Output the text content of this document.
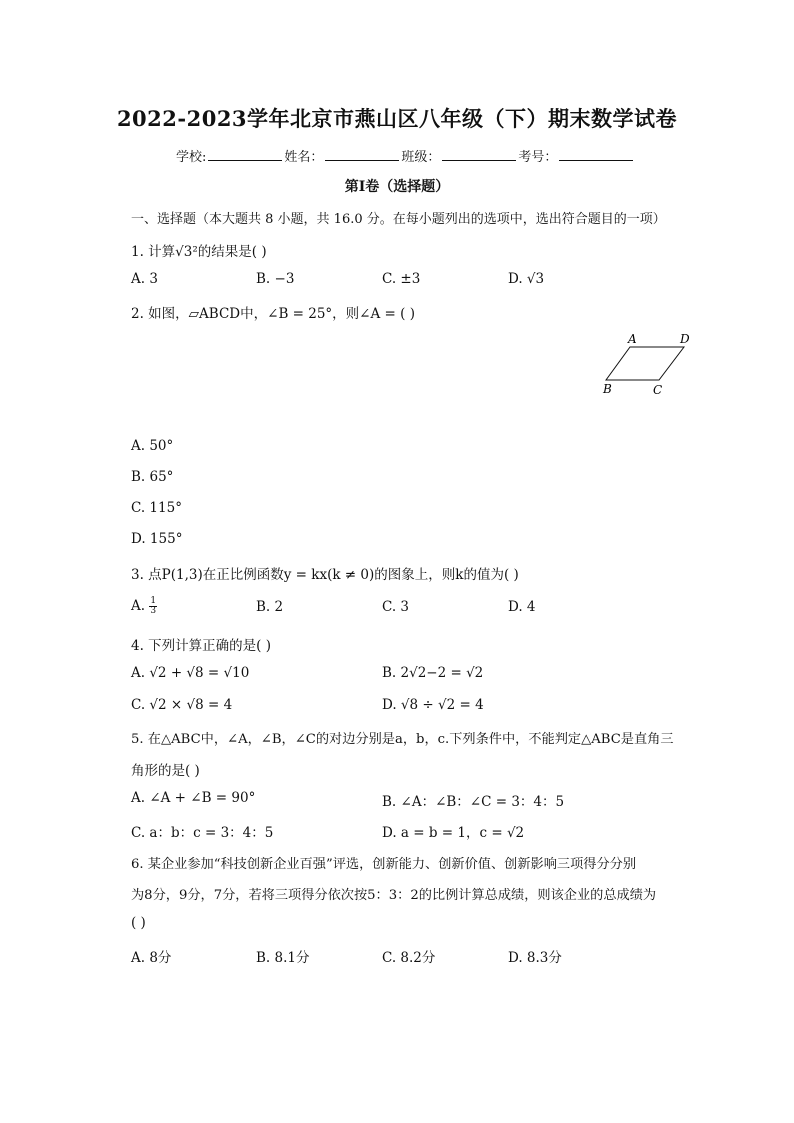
2022-2023学年北京市燕山区八年级（下）期末数学试卷
学校:	姓名：	班级：	考号：
第I卷（选择题）
一、选择题（本大题共 8 小题，共 16.0 分。在每小题列出的选项中，选出符合题目的一项）
1. 计算√3²的结果是( )
A. 3	B. −3	C. ±3	D. √3
2. 如图，▱ABCD中，∠B = 25°，则∠A = ( )
A	D
B	C
A. 50°
B. 65°
C. 115°
D. 155°
3. 点P(1,3)在正比例函数y = kx(k ≠ 0)的图象上，则k的值为( )
A. $\frac{1}{3}$	B. 2	C. 3	D. 4
4. 下列计算正确的是( )
A. √2 + √8 = √10	B. 2√2−2 = √2
C. √2 × √8 = 4	D. √8 ÷ √2 = 4
5. 在△ABC中，∠A，∠B，∠C的对边分别是a，b，c.下列条件中，不能判定△ABC是直角三
角形的是( )
A. ∠A + ∠B = 90°	B. ∠A：∠B：∠C = 3：4：5
C. a：b：c = 3：4：5	D. a = b = 1，c = √2
6. 某企业参加“科技创新企业百强”评选，创新能力、创新价值、创新影响三项得分分别
为8分，9分，7分，若将三项得分依次按5：3：2的比例计算总成绩，则该企业的总成绩为
( )
A. 8分	B. 8.1分	C. 8.2分	D. 8.3分
